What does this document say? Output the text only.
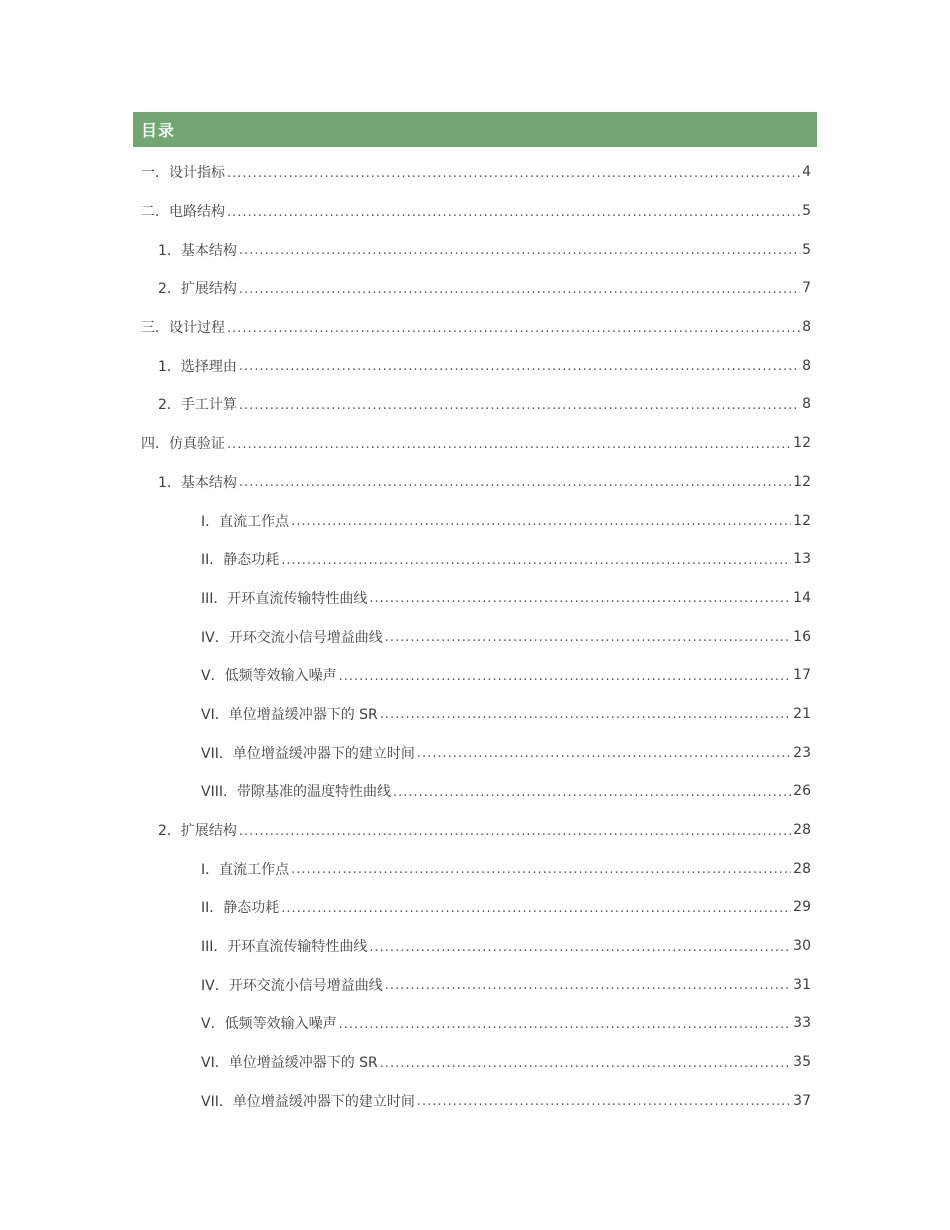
目录
一．设计指标 .....	4
二．电路结构 .....	5
1．基本结构 .....	5
2．扩展结构 .....	7
三．设计过程 .....	8
1．选择理由 .....	8
2．手工计算 .....	8
四．仿真验证 .....	12
1．基本结构 .....	12
I．直流工作点 .....	12
II．静态功耗 .....	13
III．开环直流传输特性曲线 .....	14
IV．开环交流小信号增益曲线 .....	16
V．低频等效输入噪声 .....	17
VI．单位增益缓冲器下的 SR .....	21
VII．单位增益缓冲器下的建立时间 .....	23
VIII．带隙基准的温度特性曲线 .....	26
2．扩展结构 .....	28
I．直流工作点 .....	28
II．静态功耗 .....	29
III．开环直流传输特性曲线 .....	30
IV．开环交流小信号增益曲线 .....	31
V．低频等效输入噪声 .....	33
VI．单位增益缓冲器下的 SR .....	35
VII．单位增益缓冲器下的建立时间 .....	37
